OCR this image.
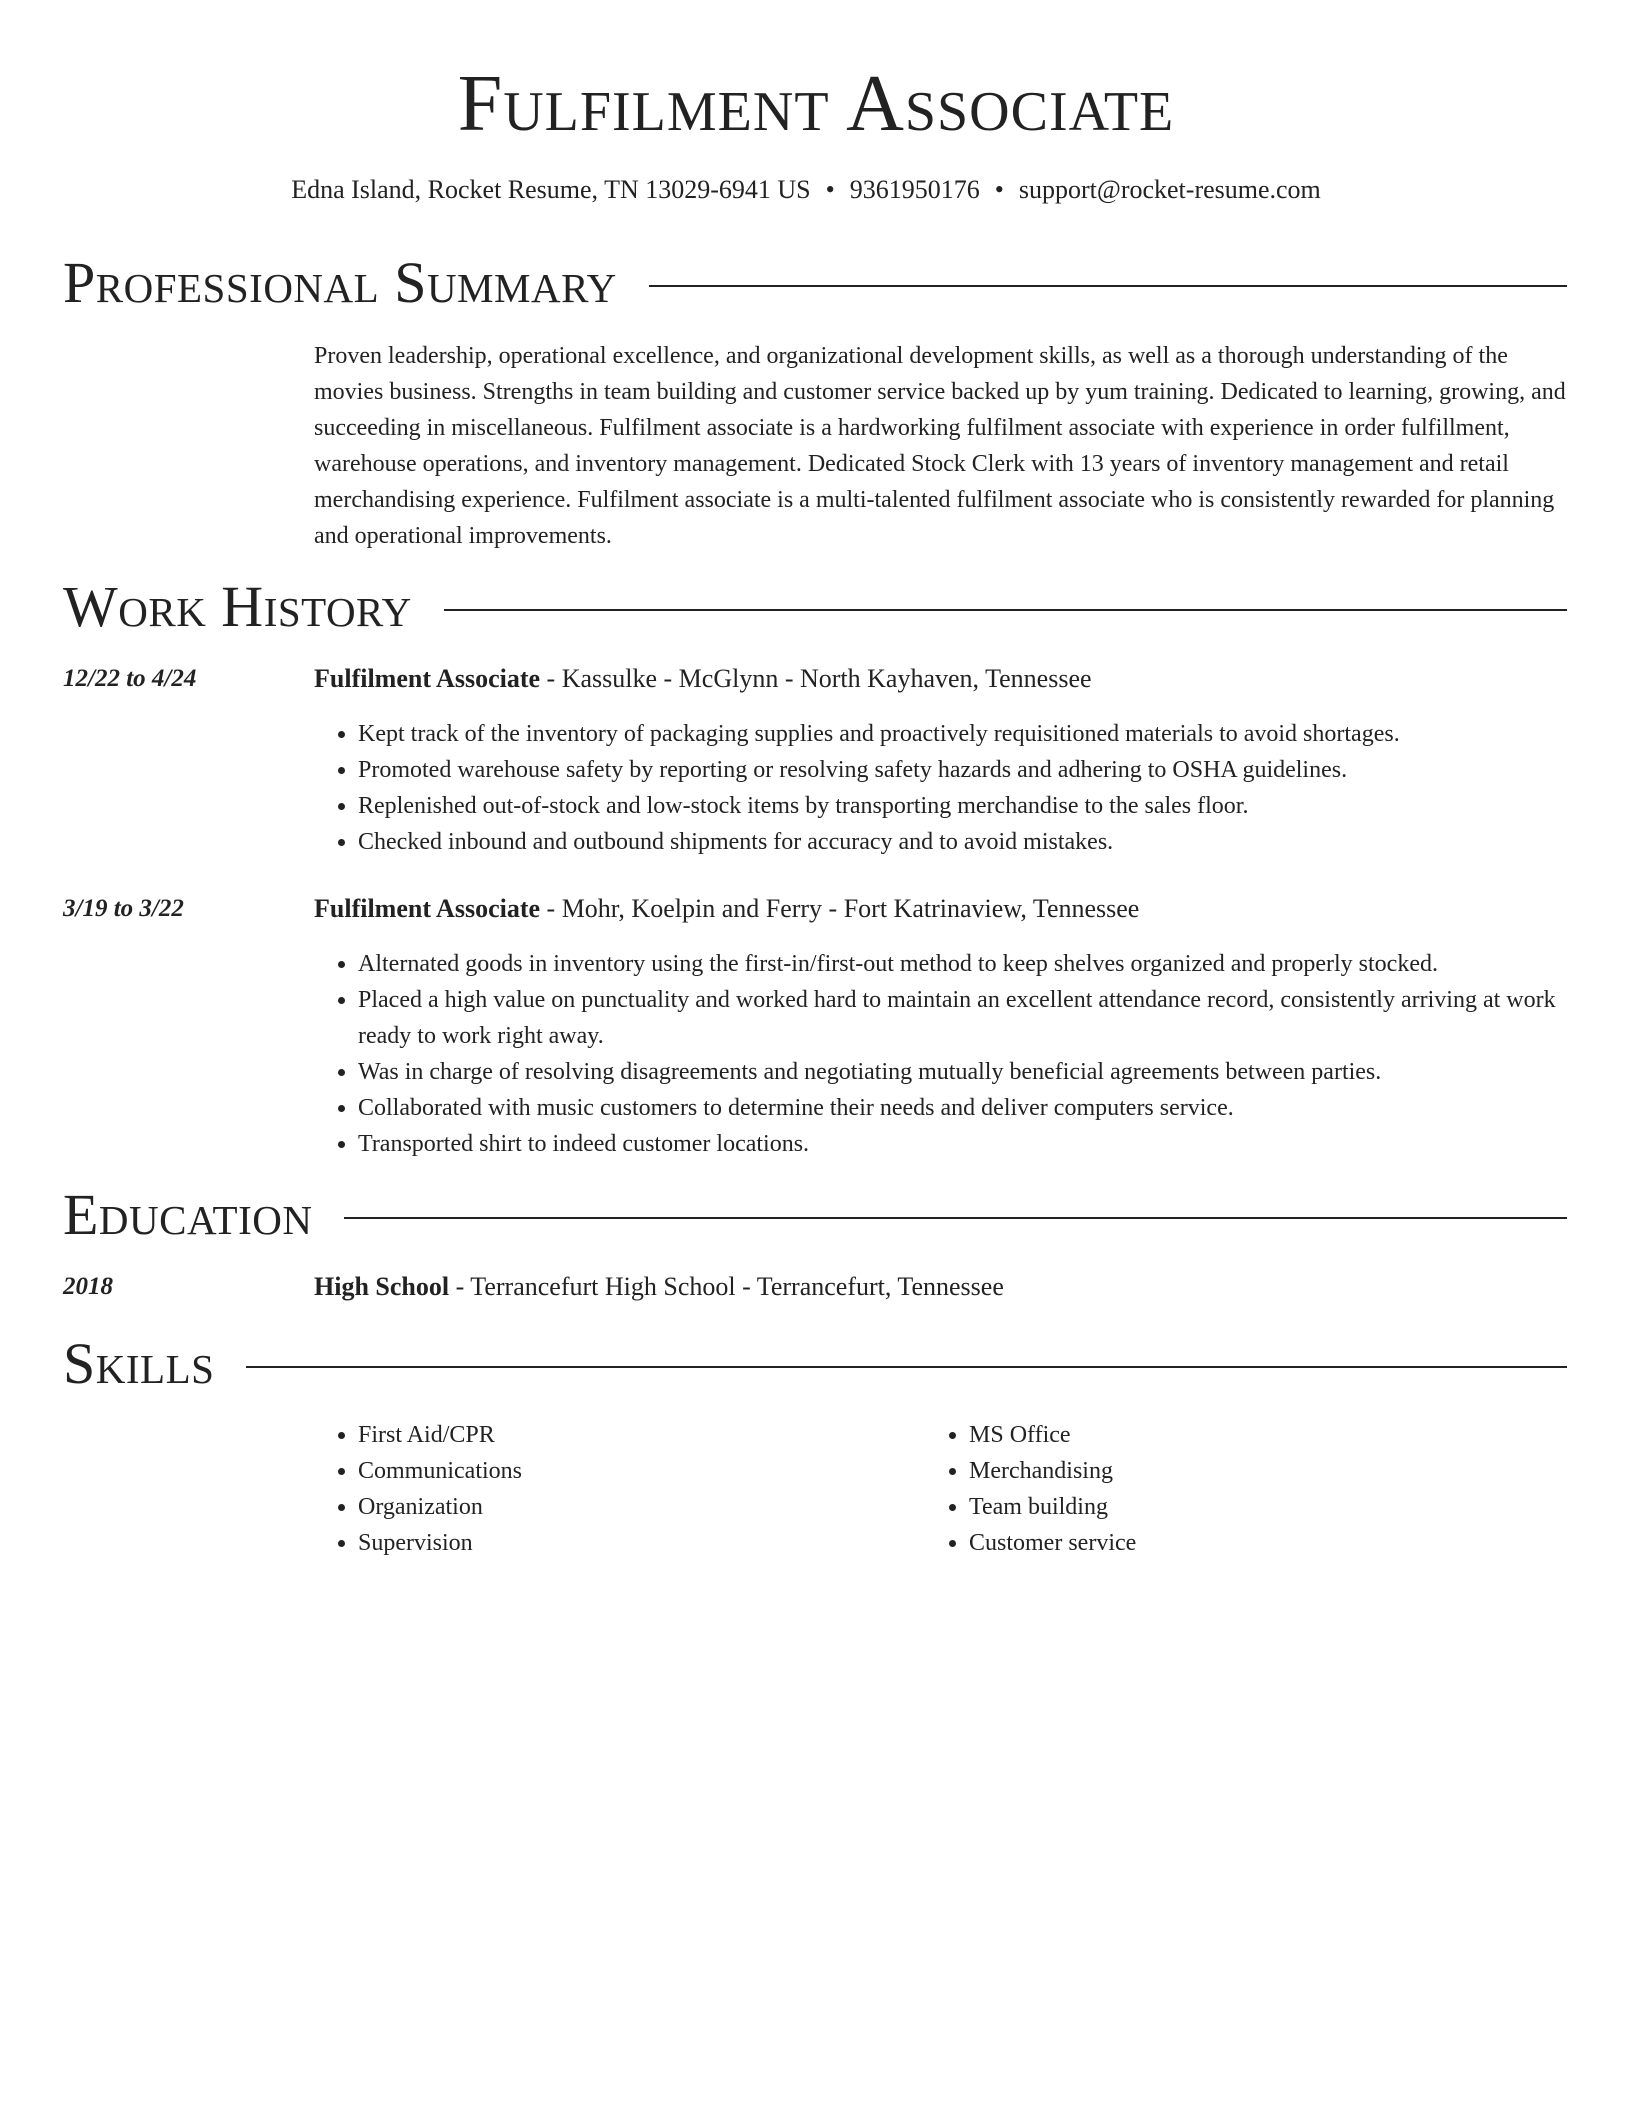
Fulfilment Associate
Edna Island, Rocket Resume, TN 13029-6941 US • 9361950176 • support@rocket-resume.com
Professional Summary

Proven leadership, operational excellence, and organizational development skills, as well as a thorough understanding of the movies business. Strengths in team building and customer service backed up by yum training. Dedicated to learning, growing, and succeeding in miscellaneous. Fulfilment associate is a hardworking fulfilment associate with experience in order fulfillment, warehouse operations, and inventory management. Dedicated Stock Clerk with 13 years of inventory management and retail merchandising experience. Fulfilment associate is a multi-talented fulfilment associate who is consistently rewarded for planning and operational improvements.

Work History
12/22 to 4/24	Fulfilment Associate - Kassulke - McGlynn - North Kayhaven, Tennessee
• Kept track of the inventory of packaging supplies and proactively requisitioned materials to avoid shortages.
• Promoted warehouse safety by reporting or resolving safety hazards and adhering to OSHA guidelines.
• Replenished out-of-stock and low-stock items by transporting merchandise to the sales floor.
• Checked inbound and outbound shipments for accuracy and to avoid mistakes.
3/19 to 3/22	Fulfilment Associate - Mohr, Koelpin and Ferry - Fort Katrinaview, Tennessee
• Alternated goods in inventory using the first-in/first-out method to keep shelves organized and properly stocked.
• Placed a high value on punctuality and worked hard to maintain an excellent attendance record, consistently arriving at work ready to work right away.
• Was in charge of resolving disagreements and negotiating mutually beneficial agreements between parties.
• Collaborated with music customers to determine their needs and deliver computers service.
• Transported shirt to indeed customer locations.
Education
2018	High School - Terrancefurt High School - Terrancefurt, Tennessee
Skills
• First Aid/CPR
• Communications
• Organization
• Supervision
• MS Office
• Merchandising
• Team building
• Customer service
